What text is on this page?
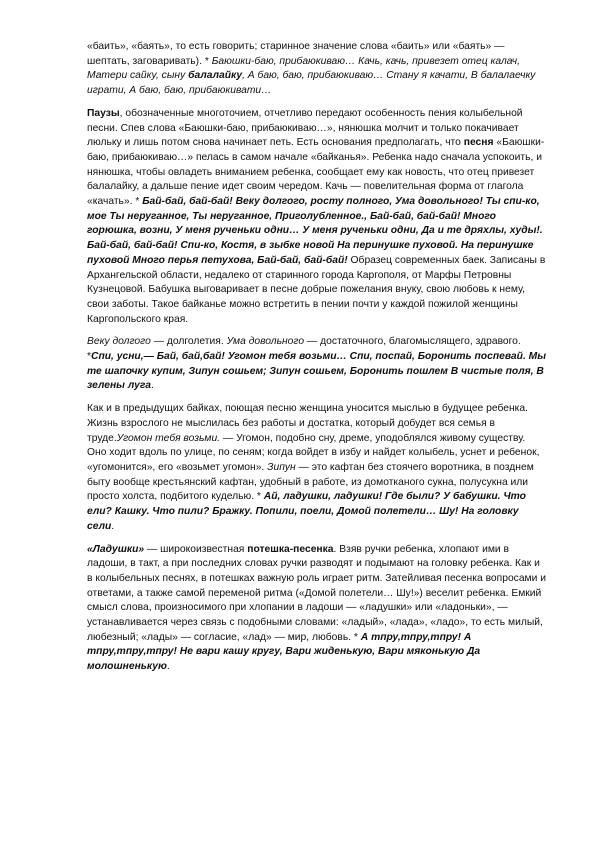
«баить», «баять», то есть говорить; старинное значение слова «баить» или «баять» — шептать, заговаривать). * Баюшки-баю, прибаюкиваю… Качь, качь, привезет отец калач, Матери сайку, сыну балалайку, А баю, баю, прибаюкиваю… Стану я качати, В балалаечку играти, А баю, баю, прибаюкивати…

Паузы, обозначенные многоточием, отчетливо передают особенность пения колыбельной песни. Спев слова «Баюшки-баю, прибаюкиваю…», нянюшка молчит и только покачивает люльку и лишь потом снова начинает петь. Есть основания предполагать, что песня «Баюшки-баю, прибаюкиваю…» пелась в самом начале «байканья». Ребенка надо сначала успокоить, и нянюшка, чтобы овладеть вниманием ребенка, сообщает ему как новость, что отец привезет балалайку, а дальше пение идет своим чередом. Качь — повелительная форма от глагола «качать». * Бай-бай, бай-бай! Веку долгого, росту полного, Ума довольного! Ты спи-ко, мое Ты неруганное, Ты неруганное, Приголубленное., Бай-бай, бай-бай! Много горюшка, возни, У меня рученьки одни… У меня рученьки одни, Да и те дряхлы, худы!. Бай-бай, бай-бай! Спи-ко, Костя, в зыбке новой На перинушке пуховой. На перинушке пуховой Много перья петухова, Бай-бай, бай-бай! Образец современных баек. Записаны в Архангельской области, недалеко от старинного города Каргополя, от Марфы Петровны Кузнецовой. Бабушка выговаривает в песне добрые пожелания внуку, свою любовь к нему, свои заботы. Такое байканье можно встретить в пении почти у каждой пожилой женщины Каргопольского края.

Веку долгого — долголетия. Ума довольного — достаточного, благомыслящего, здравого. *Спи, усни,— Бай, бай,бай! Угомон тебя возьми… Спи, поспай, Боронить поспевай. Мы те шапочку купим, Зипун сошьем; Зипун сошьем, Боронить пошлем В чистые поля, В зелены луга.

Как и в предыдущих байках, поющая песню женщина уносится мыслью в будущее ребенка. Жизнь взрослого не мыслилась без работы и достатка, который добудет вся семья в труде.Угомон тебя возьми. — Угомон, подобно сну, дреме, уподоблялся живому существу. Оно ходит вдоль по улице, по сеням; когда войдет в избу и найдет колыбель, уснет и ребенок, «угомонится», его «возьмет угомон». Зипун — это кафтан без стоячего воротника, в позднем быту вообще крестьянский кафтан, удобный в работе, из домотканого сукна, полусукна или просто холста, подбитого куделью. * Ай, ладушки, ладушки! Где были? У бабушки. Что ели? Кашку. Что пили? Бражку. Попили, поели, Домой полетели… Шу! На головку сели.

«Ладушки» — широкоизвестная потешка-песенка. Взяв ручки ребенка, хлопают ими в ладоши, в такт, а при последних словах ручки разводят и подымают на головку ребенка. Как и в колыбельных песнях, в потешках важную роль играет ритм. Затейливая песенка вопросами и ответами, а также самой переменой ритма («Домой полетели… Шу!») веселит ребенка. Емкий смысл слова, произносимого при хлопании в ладоши — «ладушки» или «ладоньки», — устанавливается через связь с подобными словами: «ладый», «лада», «ладо», то есть милый, любезный; «лады» — согласие, «лад» — мир, любовь. * А тпру,тпру,тпру! А тпру,тпру,тпру! Не вари кашу кругу, Вари жиденькую, Вари мяконькую Да молошненькую.
